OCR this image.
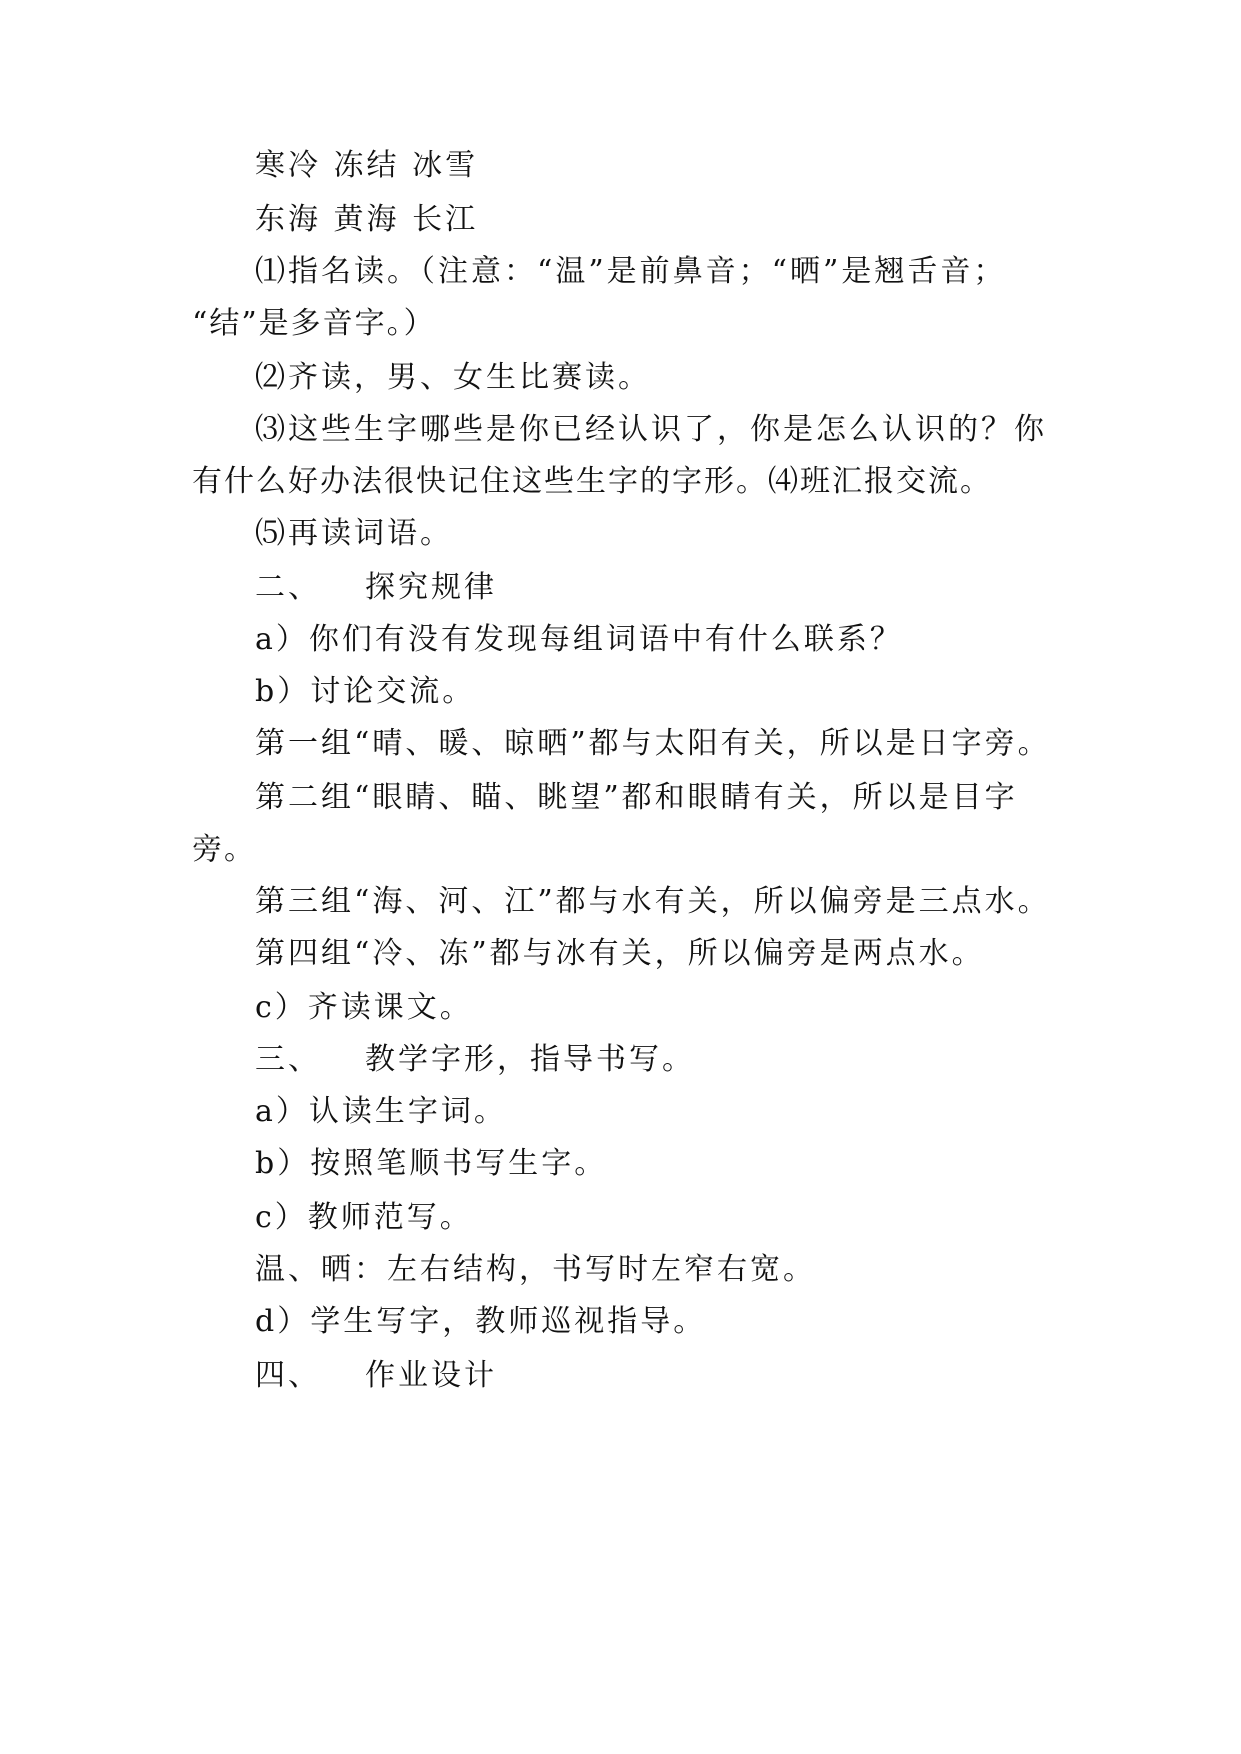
寒冷 冻结 冰雪
东海 黄海 长江
⑴指名读。（注意：“温”是前鼻音；“晒”是翘舌音；
“结”是多音字。）
⑵齐读，男、女生比赛读。
⑶这些生字哪些是你已经认识了，你是怎么认识的？你
有什么好办法很快记住这些生字的字形。⑷班汇报交流。
⑸再读词语。
二、 探究规律
a）你们有没有发现每组词语中有什么联系？
b）讨论交流。
第一组“晴、暖、晾晒”都与太阳有关，所以是日字旁。
第二组“眼睛、瞄、眺望”都和眼睛有关，所以是目字
旁。
第三组“海、河、江”都与水有关，所以偏旁是三点水。
第四组“冷、冻”都与冰有关，所以偏旁是两点水。
c）齐读课文。
三、 教学字形，指导书写。
a）认读生字词。
b）按照笔顺书写生字。
c）教师范写。
温、晒：左右结构，书写时左窄右宽。
d）学生写字，教师巡视指导。
四、 作业设计
